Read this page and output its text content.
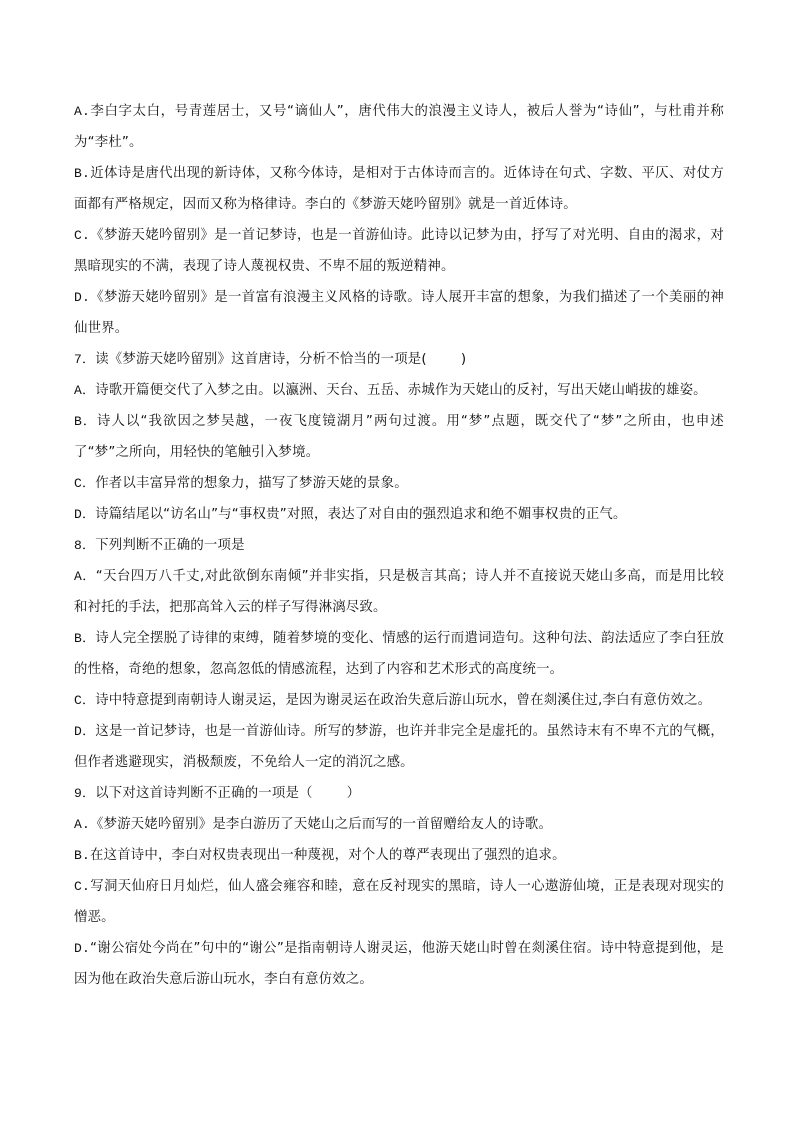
A.李白字太白，号青莲居士，又号“谪仙人”，唐代伟大的浪漫主义诗人，被后人誉为“诗仙”，与杜甫并称为“李杜”。

B.近体诗是唐代出现的新诗体，又称今体诗，是相对于古体诗而言的。近体诗在句式、字数、平仄、对仗方面都有严格规定，因而又称为格律诗。李白的《梦游天姥吟留别》就是一首近体诗。

C.《梦游天姥吟留别》是一首记梦诗，也是一首游仙诗。此诗以记梦为由，抒写了对光明、自由的渴求，对黑暗现实的不满，表现了诗人蔑视权贵、不卑不屈的叛逆精神。

D.《梦游天姥吟留别》是一首富有浪漫主义风格的诗歌。诗人展开丰富的想象，为我们描述了一个美丽的神仙世界。

7．读《梦游天姥吟留别》这首唐诗，分析不恰当的一项是(	)

A．诗歌开篇便交代了入梦之由。以瀛洲、天台、五岳、赤城作为天姥山的反衬，写出天姥山峭拔的雄姿。

B．诗人以“我欲因之梦吴越，一夜飞度镜湖月”两句过渡。用“梦”点题，既交代了“梦”之所由，也申述了“梦”之所向，用轻快的笔触引入梦境。

C．作者以丰富异常的想象力，描写了梦游天姥的景象。

D．诗篇结尾以“访名山”与“事权贵”对照，表达了对自由的强烈追求和绝不媚事权贵的正气。

8．下列判断不正确的一项是

A．“天台四万八千丈,对此欲倒东南倾”并非实指，只是极言其高；诗人并不直接说天姥山多高，而是用比较和衬托的手法，把那高耸入云的样子写得淋漓尽致。

B．诗人完全摆脱了诗律的束缚，随着梦境的变化、情感的运行而遣词造句。这种句法、韵法适应了李白狂放的性格，奇绝的想象，忽高忽低的情感流程，达到了内容和艺术形式的高度统一。

C．诗中特意提到南朝诗人谢灵运，是因为谢灵运在政治失意后游山玩水，曾在剡溪住过,李白有意仿效之。

D．这是一首记梦诗，也是一首游仙诗。所写的梦游，也许并非完全是虚托的。虽然诗末有不卑不亢的气概，但作者逃避现实，消极颓废，不免给人一定的消沉之感。

9．以下对这首诗判断不正确的一项是（	）

A.《梦游天姥吟留别》是李白游历了天姥山之后而写的一首留赠给友人的诗歌。

B.在这首诗中，李白对权贵表现出一种蔑视，对个人的尊严表现出了强烈的追求。

C.写洞天仙府日月灿烂，仙人盛会雍容和睦，意在反衬现实的黑暗，诗人一心遨游仙境，正是表现对现实的憎恶。

D.“谢公宿处今尚在”句中的“谢公”是指南朝诗人谢灵运，他游天姥山时曾在剡溪住宿。诗中特意提到他，是因为他在政治失意后游山玩水，李白有意仿效之。
